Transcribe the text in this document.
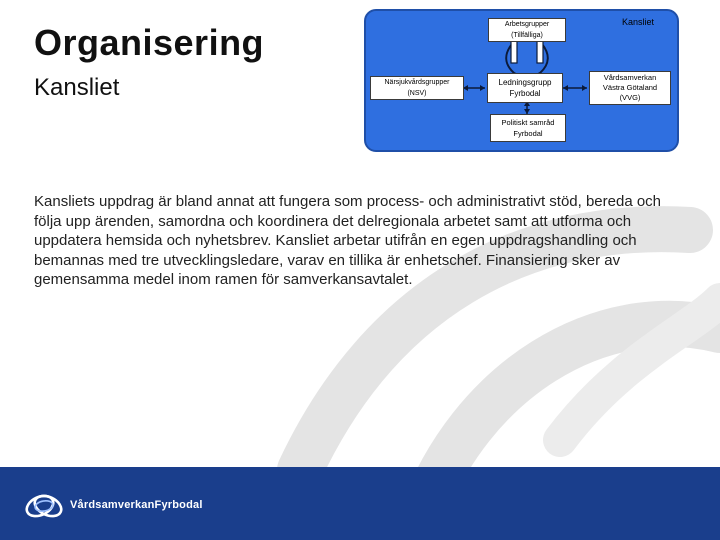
Organisering
Kansliet
Kansliet
Arbetsgrupper
(Tillfälliga)
Närsjukvårdsgrupper
(NSV)
Ledningsgrupp
Fyrbodal
Vårdsamverkan
Västra Götaland
(VVG)
Politiskt samråd
Fyrbodal
Kansliets uppdrag är bland annat att fungera som process- och administrativt stöd, bereda och följa upp ärenden, samordna och koordinera det delregionala arbetet samt att utforma och uppdatera hemsida och nyhetsbrev. Kansliet arbetar utifrån en egen uppdragshandling och bemannas med tre utvecklingsledare, varav en tillika är enhetschef. Finansiering sker av gemensamma medel inom ramen för samverkansavtalet.
VårdsamverkanFyrbodal
